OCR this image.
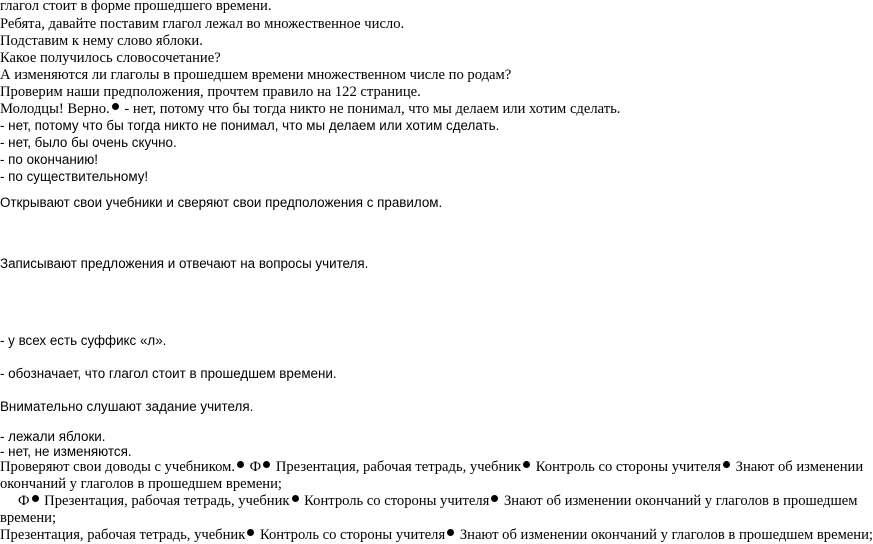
глагол стоит в форме прошедшего времени.
Ребята, давайте поставим глагол лежал во множественное число.
Подставим к нему слово яблоки.
Какое получилось словосочетание?
А изменяются ли глаголы в прошедшем времени множественном числе по родам?
Проверим наши предположения, прочтем правило на 122 странице.
Молодцы! Верно. - нет, потому что бы тогда никто не понимал, что мы делаем или хотим сделать.
- нет, потому что бы тогда никто не понимал, что мы делаем или хотим сделать.
- нет, было бы очень скучно.
- по окончанию!
- по существительному!
Открывают свои учебники и сверяют свои предположения с правилом.
Записывают предложения и отвечают на вопросы учителя.
- у всех есть суффикс «л».
- обозначает, что глагол стоит в прошедшем времени.
Внимательно слушают задание учителя.
- лежали яблоки.
- нет, не изменяются.
Проверяют свои доводы с учебником. Ф Презентация, рабочая тетрадь, учебник Контроль со стороны учителя Знают об изменении
окончаний у глаголов в прошедшем времени;
Ф Презентация, рабочая тетрадь, учебник Контроль со стороны учителя Знают об изменении окончаний у глаголов в прошедшем
времени;
Презентация, рабочая тетрадь, учебник Контроль со стороны учителя Знают об изменении окончаний у глаголов в прошедшем времени;
